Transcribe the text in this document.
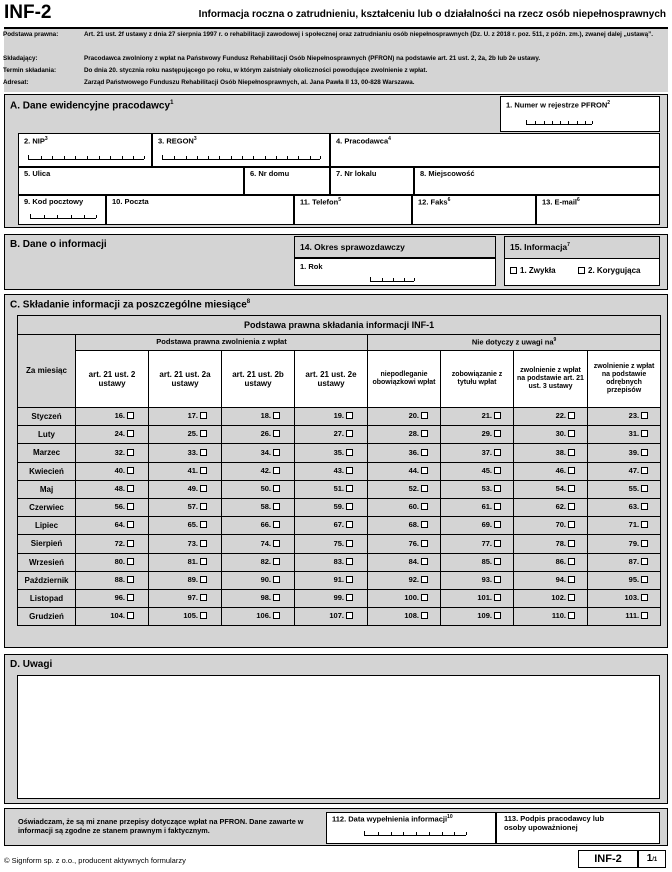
INF-2	Informacja roczna o zatrudnieniu, kształceniu lub o działalności na rzecz osób niepełnosprawnych
Podstawa prawna:	Art. 21 ust. 2f ustawy z dnia 27 sierpnia 1997 r. o rehabilitacji zawodowej i społecznej oraz zatrudnianiu osób niepełnosprawnych (Dz. U. z 2018 r. poz. 511, z późn. zm.), zwanej dalej „ustawą”.
Składający:	Pracodawca zwolniony z wpłat na Państwowy Fundusz Rehabilitacji Osób Niepełnosprawnych (PFRON) na podstawie art. 21 ust. 2, 2a, 2b lub 2e ustawy.
Termin składania:	Do dnia 20. stycznia roku następującego po roku, w którym zaistniały okoliczności powodujące zwolnienie z wpłat.
Adresat:	Zarząd Państwowego Funduszu Rehabilitacji Osób Niepełnosprawnych, al. Jana Pawła II 13, 00-828 Warszawa.
A. Dane ewidencyjne pracodawcy$^1$	1. Numer w rejestrze PFRON$^2$
2. NIP$^3$	3. REGON$^3$	4. Pracodawca$^4$
5. Ulica	6. Nr domu	7. Nr lokalu	8. Miejscowość
9. Kod pocztowy	10. Poczta	11. Telefon$^5$	12. Faks$^6$	13. E-mail$^6$
B. Dane o informacji	14. Okres sprawozdawczy
1. Rok
15. Informacja$^7$
1. Zwykła	2. Korygująca
C. Składanie informacji za poszczególne miesiące$^8$
Podstawa prawna składania informacji INF-1								
Za miesiąc	Podstawa prawna zwolnienia z wpłat				Nie dotyczy z uwagi $na^9$
	art. 21 ust. 2 ustawy	art. 21 ust. 2a ustawy	art. 21 ust. 2b ustawy	art. 21 ust. 2e ustawy	niepodleganie obowiązkowi wpłat	zobowiązanie z tytułu wpłat	zwolnienie z wpłat na podstawie art. 21 ust. 3 ustawy	zwolnienie z wpłat na podstawie odrębnych przepisów
Styczeń	16.	17.	18.	19.	20.	21.	22.	23.
Luty	24.	25.	26.	27.	28.	29.	30.	31.
Marzec	32.	33.	34.	35.	36.	37.	38.	39.
Kwiecień	40.	41.	42.	43.	44.	45.	46.	47.
Maj	48.	49.	50.	51.	52.	53.	54.	55.
Czerwiec	56.	57.	58.	59.	60.	61.	62.	63.
Lipiec	64.	65.	66.	67.	68.	69.	70.	71.
Sierpień	72.	73.	74.	75.	76.	77.	78.	79.
Wrzesień	80.	81.	82.	83.	84.	85.	86.	87.
Październik	88.	89.	90.	91.	92.	93.	94.	95.
Listopad	96.	97.	98.	99.	100.	101.	102.	103.
Grudzień	104.	105.	106.	107.	108.	109.	110.	111.
D. Uwagi
Oświadczam, że są mi znane przepisy dotyczące wpłat na PFRON. Dane zawarte w informacji są zgodne ze stanem prawnym i faktycznym.
112. Data wypełnienia informacji$^{10}$	113. Podpis pracodawcy lub osoby upoważnionej
© Signform sp. z o.o., producent aktywnych formularzy	INF-2	1/1
